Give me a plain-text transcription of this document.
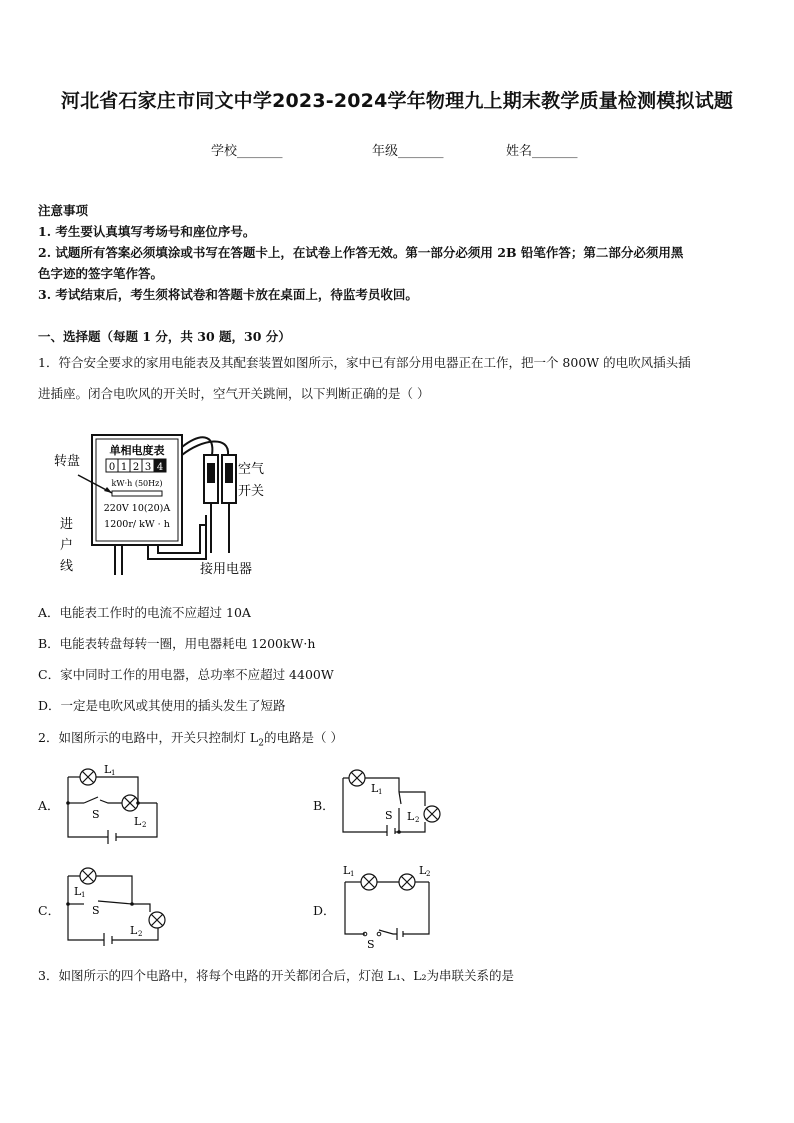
河北省石家庄市同文中学2023-2024学年物理九上期末教学质量检测模拟试题
学校_______	年级_______	姓名_______
注意事项
1. 考生要认真填写考场号和座位序号。
2. 试题所有答案必须填涂或书写在答题卡上，在试卷上作答无效。第一部分必须用 2B 铅笔作答；第二部分必须用黑
色字迹的签字笔作答。
3. 考试结束后，考生须将试卷和答题卡放在桌面上，待监考员收回。
一、选择题（每题 1 分，共 30 题，30 分）
1．符合安全要求的家用电能表及其配套装置如图所示，家中已有部分用电器正在工作，把一个 800W 的电吹风插头插
进插座。闭合电吹风的开关时，空气开关跳闸，以下判断正确的是（ ）
单相电度表
0 1 2 3 4
kW·h (50Hz)
220V 10(20)A
1200r/ kW · h
转盘
进
户
线
空气
开关
接用电器
A．电能表工作时的电流不应超过 10A
B．电能表转盘每转一圈，用电器耗电 1200kW·h
C．家中同时工作的用电器，总功率不应超过 4400W
D．一定是电吹风或其使用的插头发生了短路
2．如图所示的电路中，开关只控制灯 $L_2$的电路是（ ）
A．	B．
C．	D．
L 1
S
L 2
L 1
S L 2
L 1
S
L 2
L 1	L 2
S
3．如图所示的四个电路中，将每个电路的开关都闭合后，灯泡 L₁、L₂为串联关系的是
